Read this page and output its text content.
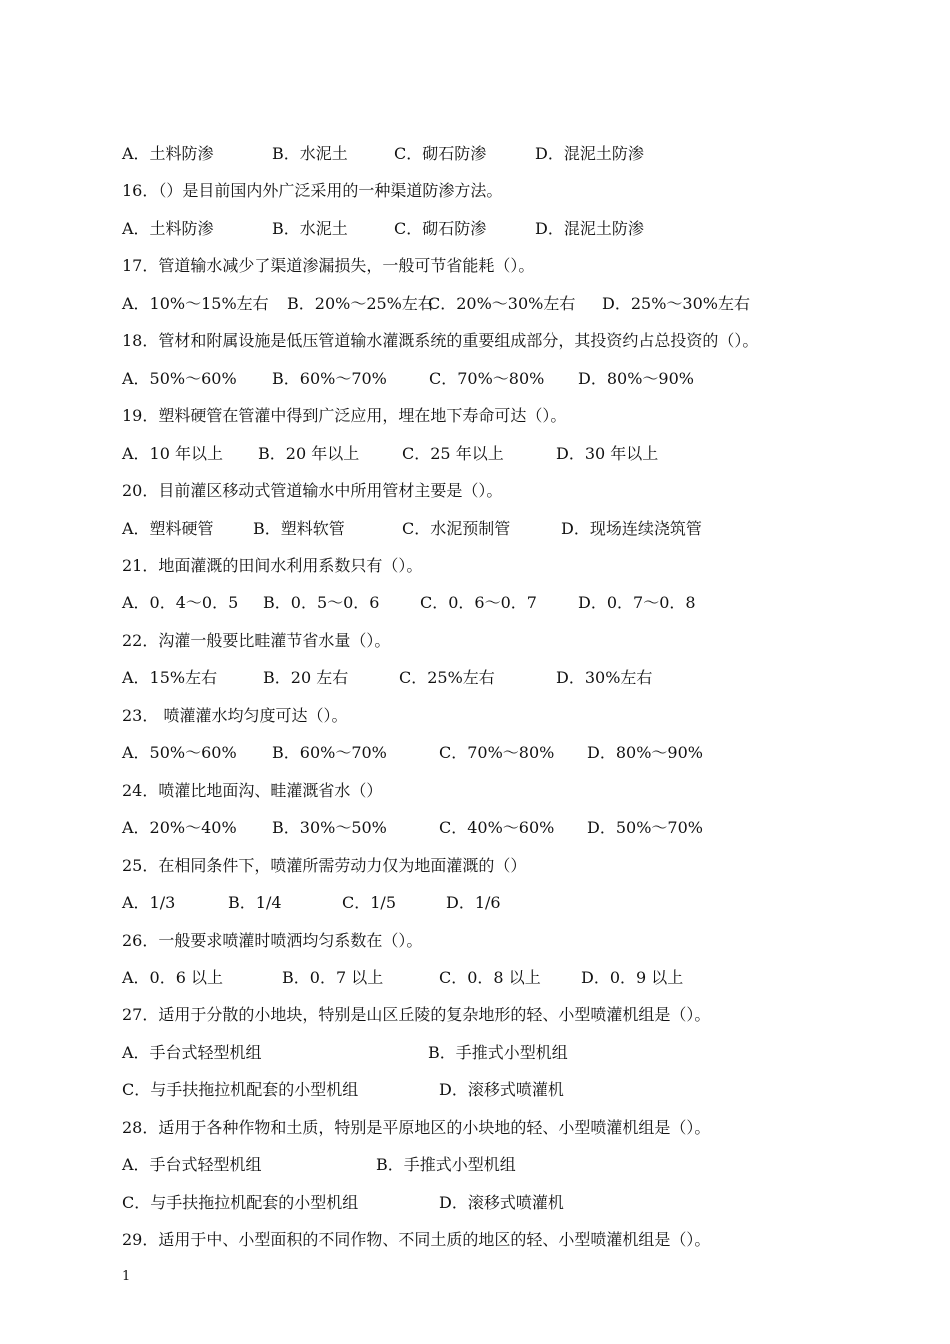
1
A．土料防渗	B．水泥土	C．砌石防渗	D．混泥土防渗
16．（）是目前国内外广泛采用的一种渠道防渗方法。
A．土料防渗	B．水泥土	C．砌石防渗	D．混泥土防渗
17．管道输水减少了渠道渗漏损失，一般可节省能耗（）。
A．10%～15%左右 B．20%～25%左右
C．20%～30%左右 D．25%～30%左右
18．管材和附属设施是低压管道输水灌溉系统的重要组成部分，其投资约占总投资的（）。
A．50%～60% B．60%～70%	C．70%～80% D．80%～90%
19．塑料硬管在管灌中得到广泛应用，埋在地下寿命可达（）。
A．10 年以上 B．20 年以上	C．25 年以上	D．30 年以上
20．目前灌区移动式管道输水中所用管材主要是（）。
A．塑料硬管 B．塑料软管	C．水泥预制管	D．现场连续浇筑管
21．地面灌溉的田间水利用系数只有（）。
A．0．4～0．5 B．0．5～0．6	C．0．6～0．7	D．0．7～0．8
22．沟灌一般要比畦灌节省水量（）。
A．15%左右	B．20 左右	C．25%左右	D．30%左右
23． 喷灌灌水均匀度可达（）。
A．50%～60% B．60%～70%	C．70%～80% D．80%～90%
24．喷灌比地面沟、畦灌溉省水（）
A．20%～40% B．30%～50%	C．40%～60% D．50%～70%
25．在相同条件下，喷灌所需劳动力仅为地面灌溉的（）
A．1/3	B．1/4	C．1/5	D．1/6
26．一般要求喷灌时喷洒均匀系数在（）。
A．0．6 以上	B．0．7 以上	C．0．8 以上	D．0．9 以上
27．适用于分散的小地块，特别是山区丘陵的复杂地形的轻、小型喷灌机组是（）。
A．手台式轻型机组	B．手推式小型机组
C．与手扶拖拉机配套的小型机组	D．滚移式喷灌机
28．适用于各种作物和土质，特别是平原地区的小块地的轻、小型喷灌机组是（）。
A．手台式轻型机组	B．手推式小型机组
C．与手扶拖拉机配套的小型机组	D．滚移式喷灌机
29．适用于中、小型面积的不同作物、不同土质的地区的轻、小型喷灌机组是（）。
